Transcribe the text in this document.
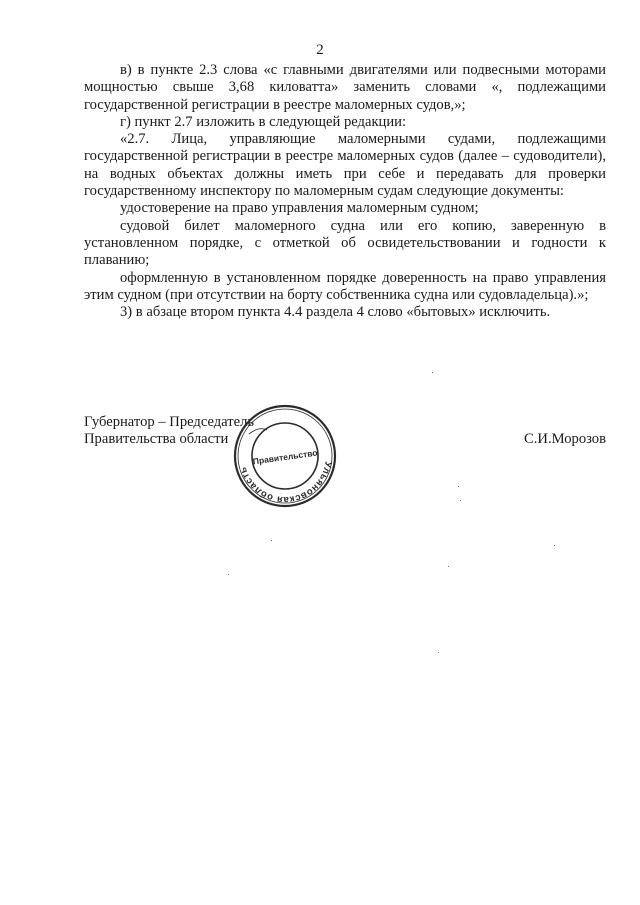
2

в) в пункте 2.3 слова «с главными двигателями или подвесными моторами мощностью свыше 3,68 киловатта» заменить словами «, подлежащими государственной регистрации в реестре маломерных судов,»;

г) пункт 2.7 изложить в следующей редакции:

«2.7. Лица, управляющие маломерными судами, подлежащими государственной регистрации в реестре маломерных судов (далее – судоводители), на водных объектах должны иметь при себе и передавать для проверки государственному инспектору по маломерным судам следующие документы:

удостоверение на право управления маломерным судном;

судовой билет маломерного судна или его копию, заверенную в установленном порядке, с отметкой об освидетельствовании и годности к плаванию;

оформленную в установленном порядке доверенность на право управления этим судном (при отсутствии на борту собственника судна или судовладельца).»;

3) в абзаце втором пункта 4.4 раздела 4 слово «бытовых» исключить.

Губернатор – Председатель
Правительства области	С.И.Морозов
Ульяновская область
Правительство
